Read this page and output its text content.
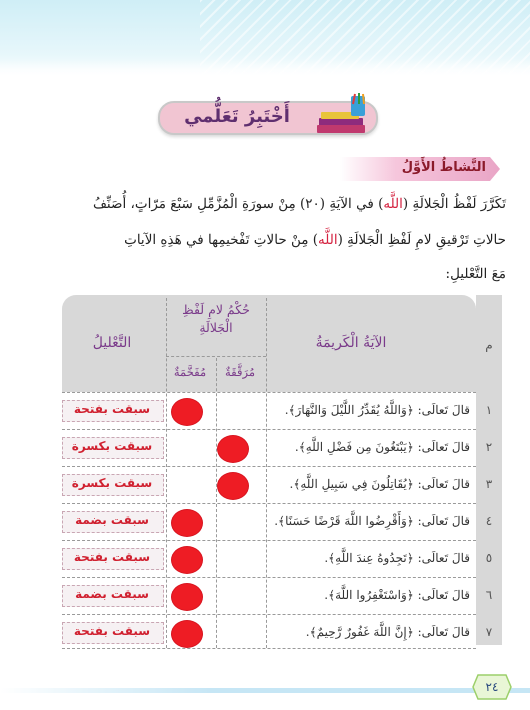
أَخْتَبِرُ تَعَلُّمي
النَّشاطُ الأَوَّلُ
تَكَرَّرَ لَفْظُ الْجَلالَةِ (اللَّه) في الآيَةِ (٢٠) مِنْ سورَةِ الْمُزَّمِّلِ سَبْعَ مَرّاتٍ، أُصَنِّفُ
حالاتِ تَرْقيقِ لامِ لَفْظِ الْجَلالَةِ (اللَّه) مِنْ حالاتِ تَفْخيمِها في هَذِهِ الآياتِ
مَعَ التَّعْليلِ:
م
الآيَةُ الْكَريمَةُ
حُكْمُ لامِ لَفْظِ الْجَلالَةِ
مُرَقَّقَةٌ
مُفَخَّمَةٌ
التَّعْليلُ
١
قالَ تَعالَى: ﴿وَاللَّهُ يُقَدِّرُ اللَّيْلَ وَالنَّهَارَ﴾.
سبقت بفتحة
٢
قالَ تَعالَى: ﴿يَبْتَغُونَ مِن فَضْلِ اللَّهِ﴾.
سبقت بكسرة
٣
قالَ تَعالَى: ﴿يُقَاتِلُونَ فِي سَبِيلِ اللَّهِ﴾.
سبقت بكسرة
٤
قالَ تَعالَى: ﴿وَأَقْرِضُوا اللَّهَ قَرْضًا حَسَنًا﴾.
سبقت بضمة
٥
قالَ تَعالَى: ﴿تَجِدُوهُ عِندَ اللَّهِ﴾.
سبقت بفتحة
٦
قالَ تَعالَى: ﴿وَاسْتَغْفِرُوا اللَّهَ﴾.
سبقت بضمة
٧
قالَ تَعالَى: ﴿إِنَّ اللَّهَ غَفُورٌ رَّحِيمٌ﴾.
سبقت بفتحة
٢٤
